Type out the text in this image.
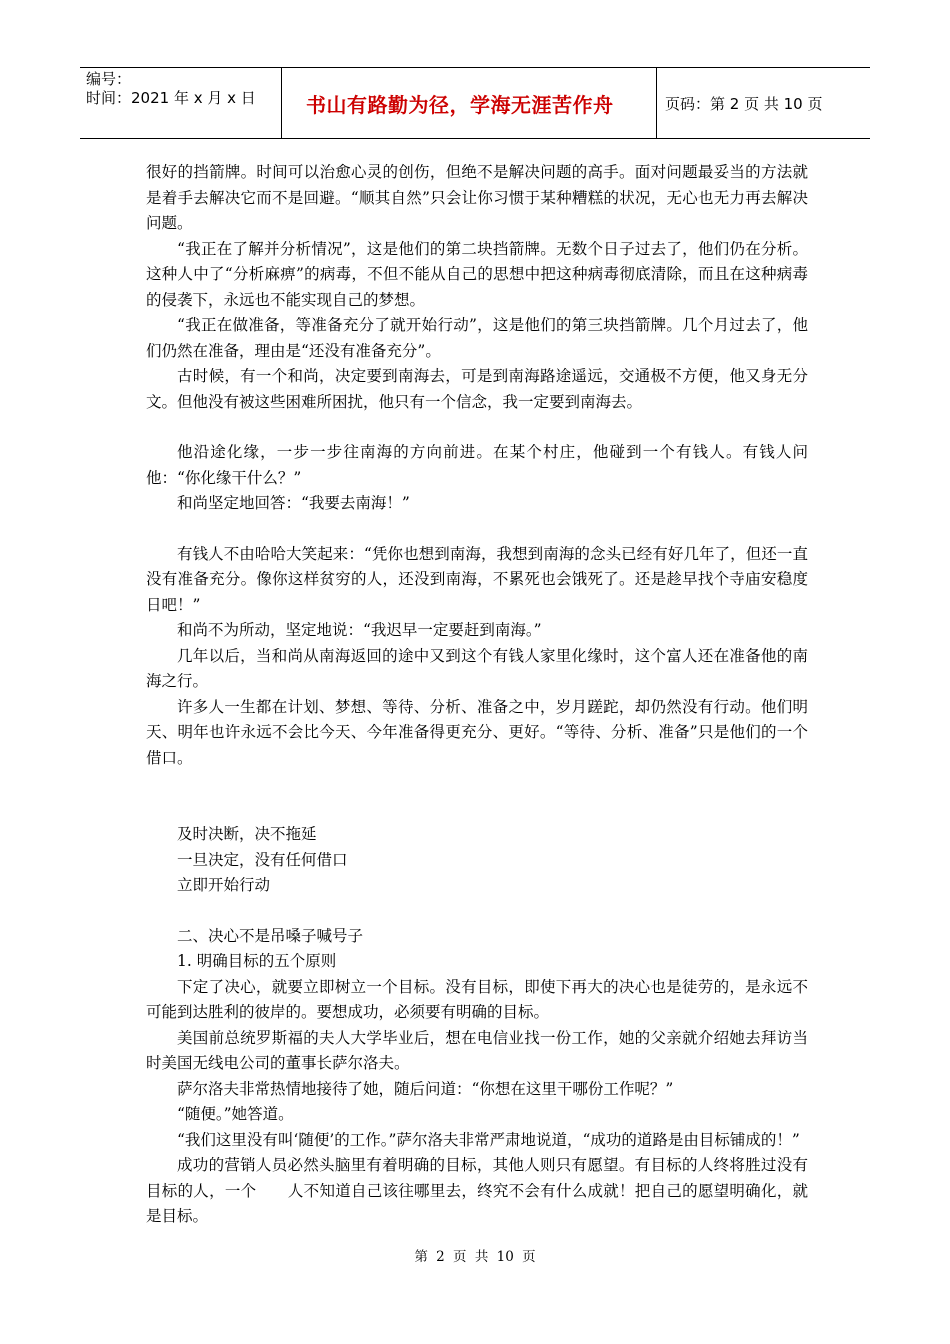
编号：
时间：2021 年 x 月 x 日	书山有路勤为径，学海无涯苦作舟	页码：第 2 页 共 10 页

很好的挡箭牌。时间可以治愈心灵的创伤，但绝不是解决问题的高手。面对问题最妥当的方法就是着手去解决它而不是回避。“顺其自然”只会让你习惯于某种糟糕的状况，无心也无力再去解决问题。

“我正在了解并分析情况”，这是他们的第二块挡箭牌。无数个日子过去了，他们仍在分析。这种人中了“分析麻痹”的病毒，不但不能从自己的思想中把这种病毒彻底清除，而且在这种病毒的侵袭下，永远也不能实现自己的梦想。

“我正在做准备，等准备充分了就开始行动”，这是他们的第三块挡箭牌。几个月过去了，他们仍然在准备，理由是“还没有准备充分”。

古时候，有一个和尚，决定要到南海去，可是到南海路途遥远，交通极不方便，他又身无分文。但他没有被这些困难所困扰，他只有一个信念，我一定要到南海去。

他沿途化缘，一步一步往南海的方向前进。在某个村庄，他碰到一个有钱人。有钱人问他：“你化缘干什么？”

和尚坚定地回答：“我要去南海！”

有钱人不由哈哈大笑起来：“凭你也想到南海，我想到南海的念头已经有好几年了，但还一直没有准备充分。像你这样贫穷的人，还没到南海，不累死也会饿死了。还是趁早找个寺庙安稳度日吧！”

和尚不为所动，坚定地说：“我迟早一定要赶到南海。”

几年以后，当和尚从南海返回的途中又到这个有钱人家里化缘时，这个富人还在准备他的南海之行。

许多人一生都在计划、梦想、等待、分析、准备之中，岁月蹉跎，却仍然没有行动。他们明天、明年也许永远不会比今天、今年准备得更充分、更好。“等待、分析、准备”只是他们的一个借口。

及时决断，决不拖延

一旦决定，没有任何借口

立即开始行动

二、决心不是吊嗓子喊号子

1. 明确目标的五个原则

下定了决心，就要立即树立一个目标。没有目标，即使下再大的决心也是徒劳的，是永远不可能到达胜利的彼岸的。要想成功，必须要有明确的目标。

美国前总统罗斯福的夫人大学毕业后，想在电信业找一份工作，她的父亲就介绍她去拜访当时美国无线电公司的董事长萨尔洛夫。

萨尔洛夫非常热情地接待了她，随后问道：“你想在这里干哪份工作呢？”

“随便。”她答道。

“我们这里没有叫‘随便’的工作。”萨尔洛夫非常严肃地说道，“成功的道路是由目标铺成的！”

成功的营销人员必然头脑里有着明确的目标，其他人则只有愿望。有目标的人终将胜过没有目标的人，一个　　人不知道自己该往哪里去，终究不会有什么成就！把自己的愿望明确化，就是目标。

第 2 页 共 10 页
